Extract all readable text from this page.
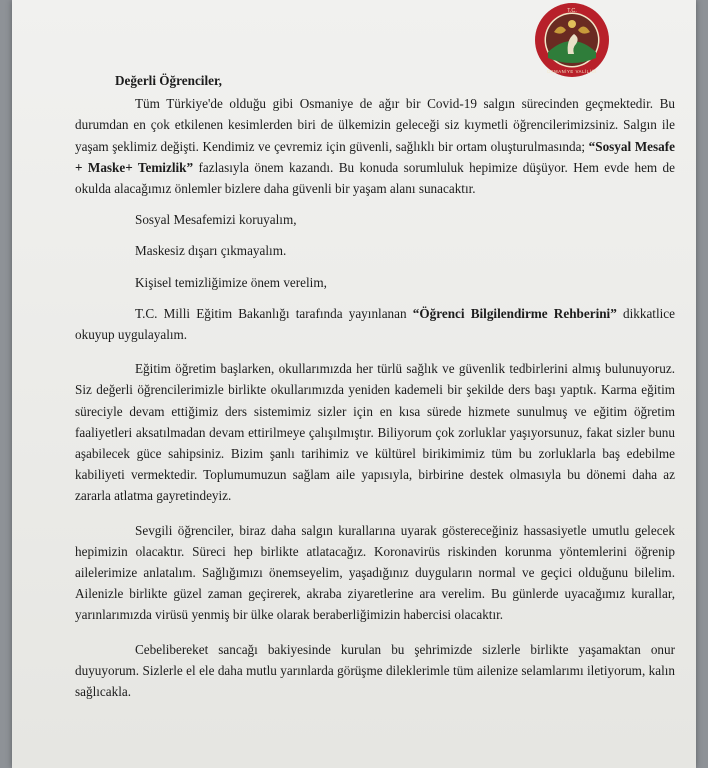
T.C.
OSMANİYE VALİLİĞİ

Değerli Öğrenciler,

Tüm Türkiye'de olduğu gibi Osmaniye de ağır bir Covid-19 salgın sürecinden geçmektedir. Bu durumdan en çok etkilenen kesimlerden biri de ülkemizin geleceği siz kıymetli öğrencilerimizsiniz. Salgın ile yaşam şeklimiz değişti. Kendimiz ve çevremiz için güvenli, sağlıklı bir ortam oluşturulmasında; “Sosyal Mesafe + Maske+ Temizlik” fazlasıyla önem kazandı. Bu konuda sorumluluk hepimize düşüyor. Hem evde hem de okulda alacağımız önlemler bizlere daha güvenli bir yaşam alanı sunacaktır.

Sosyal Mesafemizi koruyalım,

Maskesiz dışarı çıkmayalım.

Kişisel temizliğimize önem verelim,

T.C. Milli Eğitim Bakanlığı tarafında yayınlanan “Öğrenci Bilgilendirme Rehberini” dikkatlice okuyup uygulayalım.

Eğitim öğretim başlarken, okullarımızda her türlü sağlık ve güvenlik tedbirlerini almış bulunuyoruz. Siz değerli öğrencilerimizle birlikte okullarımızda yeniden kademeli bir şekilde ders başı yaptık. Karma eğitim süreciyle devam ettiğimiz ders sistemimiz sizler için en kısa sürede hizmete sunulmuş ve eğitim öğretim faaliyetleri aksatılmadan devam ettirilmeye çalışılmıştır. Biliyorum çok zorluklar yaşıyorsunuz, fakat sizler bunu aşabilecek güce sahipsiniz. Bizim şanlı tarihimiz ve kültürel birikimimiz tüm bu zorluklarla baş edebilme kabiliyeti vermektedir. Toplumumuzun sağlam aile yapısıyla, birbirine destek olmasıyla bu dönemi daha az zararla atlatma gayretindeyiz.

Sevgili öğrenciler, biraz daha salgın kurallarına uyarak göstereceğiniz hassasiyetle umutlu gelecek hepimizin olacaktır. Süreci hep birlikte atlatacağız. Koronavirüs riskinden korunma yöntemlerini öğrenip ailelerimize anlatalım. Sağlığımızı önemseyelim, yaşadığınız duyguların normal ve geçici olduğunu bilelim. Ailenizle birlikte güzel zaman geçirerek, akraba ziyaretlerine ara verelim. Bu günlerde uyacağımız kurallar, yarınlarımızda virüsü yenmiş bir ülke olarak beraberliğimizin habercisi olacaktır.

Cebelibereket sancağı bakiyesinde kurulan bu şehrimizde sizlerle birlikte yaşamaktan onur duyuyorum. Sizlerle el ele daha mutlu yarınlarda görüşme dileklerimle tüm ailenize selamlarımı iletiyorum, kalın sağlıcakla.
